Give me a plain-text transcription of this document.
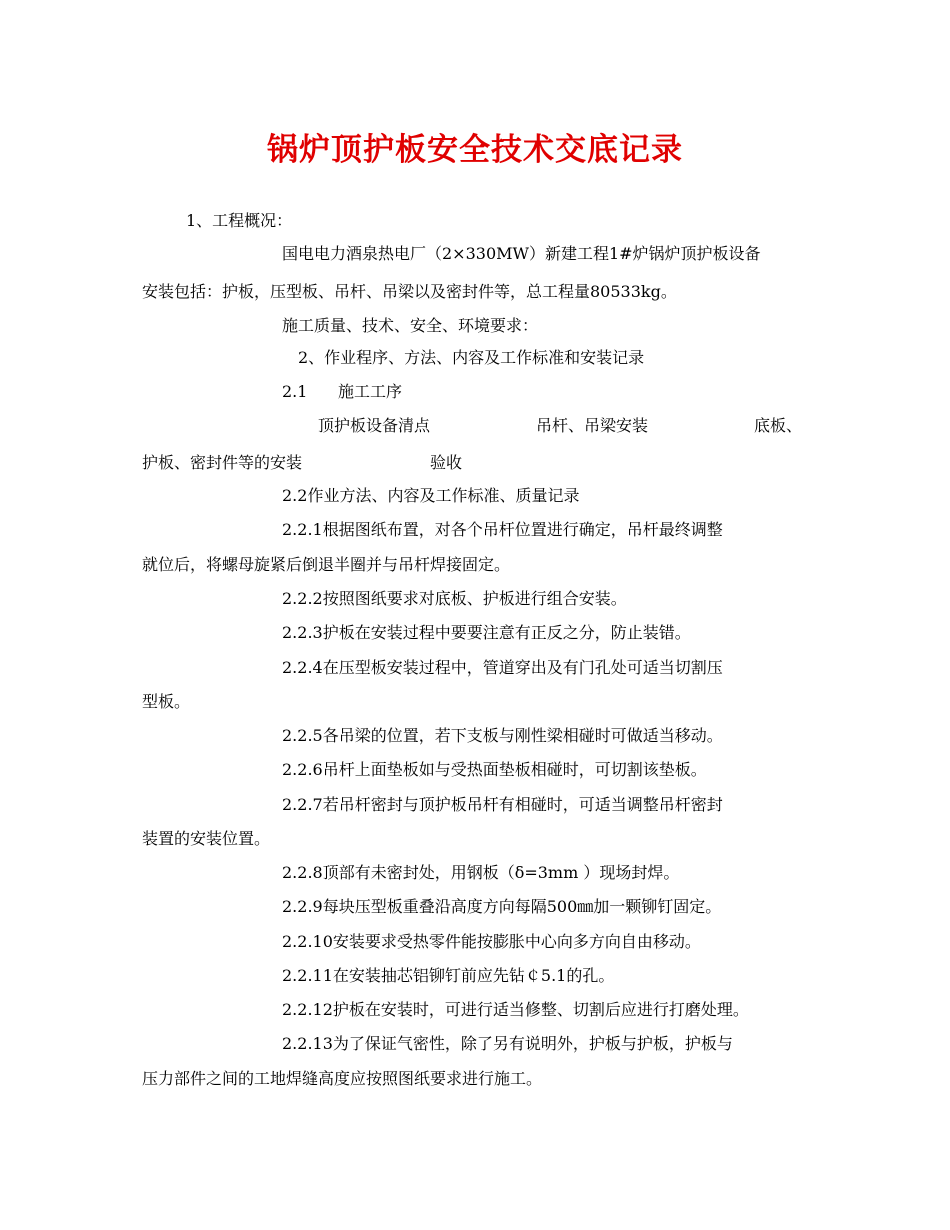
锅炉顶护板安全技术交底记录
1、工程概况：
国电电力酒泉热电厂（2×330MW）新建工程1#炉锅炉顶护板设备
安装包括：护板，压型板、吊杆、吊梁以及密封件等，总工程量80533kg。
施工质量、技术、安全、环境要求：
2、作业程序、方法、内容及工作标准和安装记录
2.1 施工工序
顶护板设备清点	吊杆、吊梁安装	底板、
护板、密封件等的安装	验收
2.2作业方法、内容及工作标准、质量记录
2.2.1根据图纸布置，对各个吊杆位置进行确定，吊杆最终调整
就位后，将螺母旋紧后倒退半圈并与吊杆焊接固定。
2.2.2按照图纸要求对底板、护板进行组合安装。
2.2.3护板在安装过程中要要注意有正反之分，防止装错。
2.2.4在压型板安装过程中，管道穿出及有门孔处可适当切割压
型板。
2.2.5各吊梁的位置，若下支板与刚性梁相碰时可做适当移动。
2.2.6吊杆上面垫板如与受热面垫板相碰时，可切割该垫板。
2.2.7若吊杆密封与顶护板吊杆有相碰时，可适当调整吊杆密封
装置的安装位置。
2.2.8顶部有未密封处，用钢板（δ=3mm ）现场封焊。
2.2.9每块压型板重叠沿高度方向每隔500㎜加一颗铆钉固定。
2.2.10安装要求受热零件能按膨胀中心向多方向自由移动。
2.2.11在安装抽芯铝铆钉前应先钻￠5.1的孔。
2.2.12护板在安装时，可进行适当修整、切割后应进行打磨处理。
2.2.13为了保证气密性，除了另有说明外，护板与护板，护板与
压力部件之间的工地焊缝高度应按照图纸要求进行施工。
